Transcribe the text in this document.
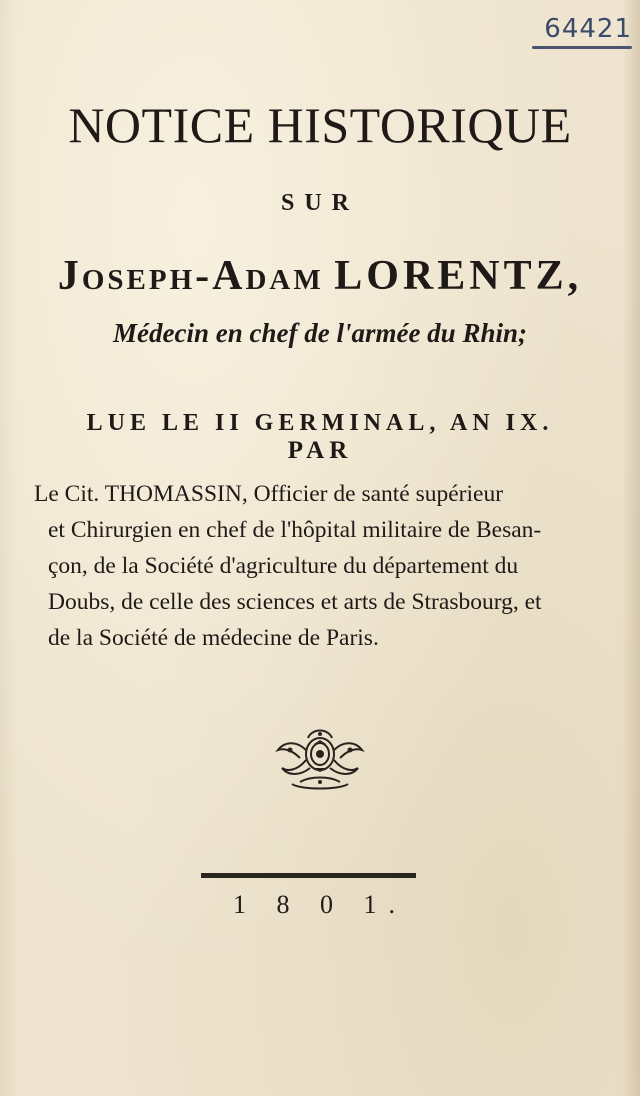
64421
NOTICE HISTORIQUE
SUR
Joseph-Adam LORENTZ,
Médecin en chef de l'armée du Rhin;
LUE LE II GERMINAL, AN IX.
PAR
Le Cit. THOMASSIN, Officier de santé supérieur
et Chirurgien en chef de l'hôpital militaire de Besan-
çon, de la Société d'agriculture du département du
Doubs, de celle des sciences et arts de Strasbourg, et
de la Société de médecine de Paris.
1 8 0 1.
